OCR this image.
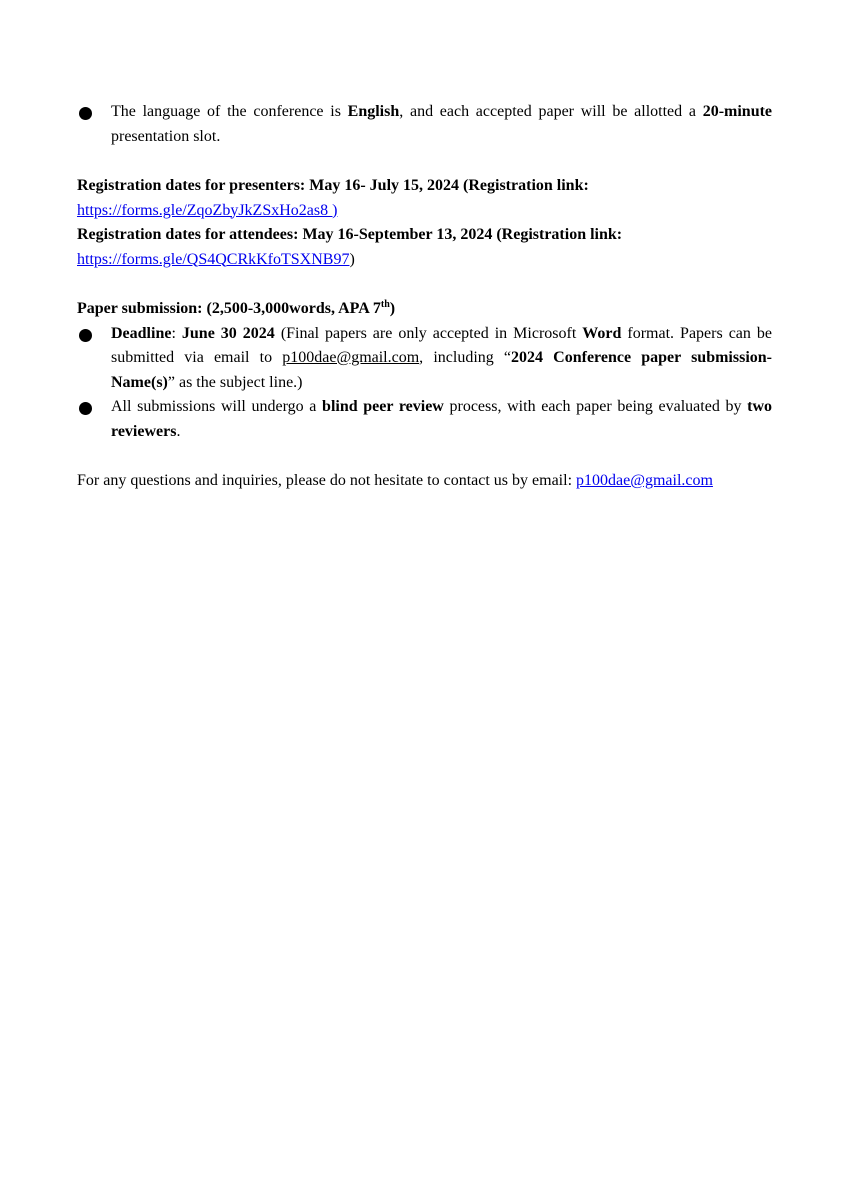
The language of the conference is English, and each accepted paper will be allotted a 20-minute presentation slot.
Registration dates for presenters: May 16- July 15, 2024 (Registration link:
https://forms.gle/ZqoZbyJkZSxHo2as8 )
Registration dates for attendees: May 16-September 13, 2024 (Registration link:
https://forms.gle/QS4QCRkKfoTSXNB97)
Paper submission: (2,500-3,000words, APA 7th)
Deadline: June 30 2024 (Final papers are only accepted in Microsoft Word format. Papers can be submitted via email to p100dae@gmail.com, including “2024 Conference paper submission-Name(s)” as the subject line.)
All submissions will undergo a blind peer review process, with each paper being evaluated by two reviewers.
For any questions and inquiries, please do not hesitate to contact us by email: p100dae@gmail.com
